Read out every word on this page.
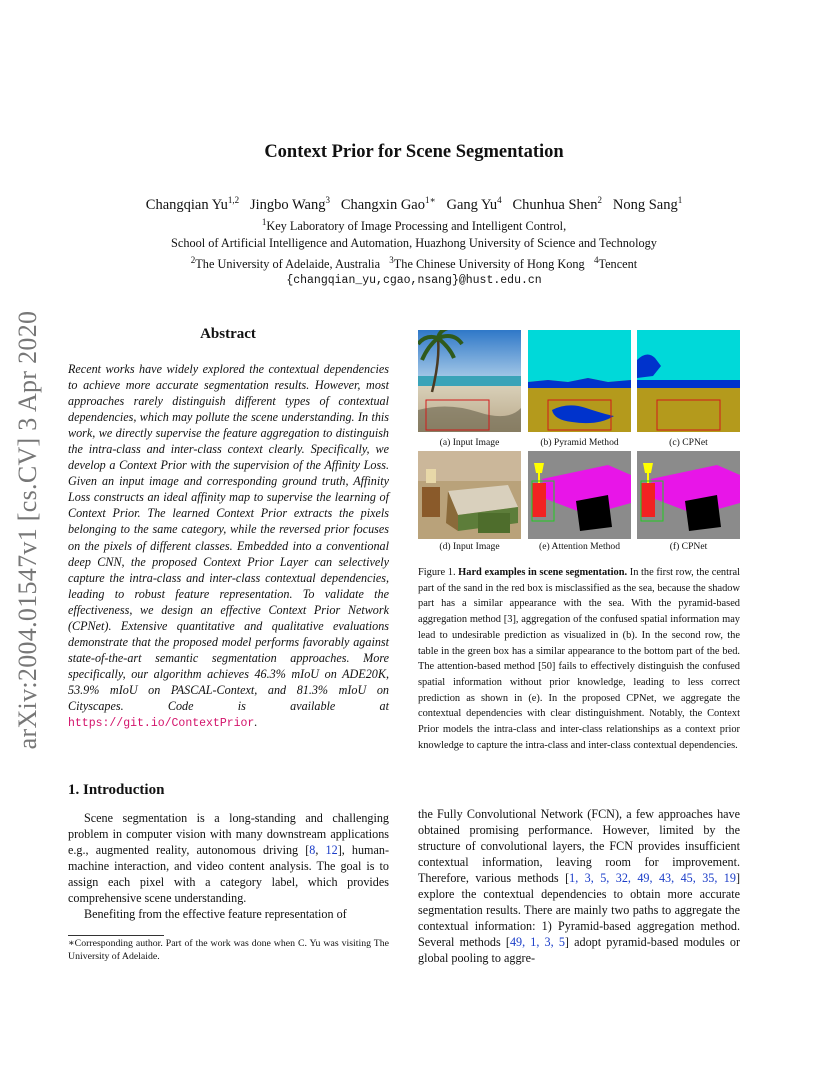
arXiv:2004.01547v1 [cs.CV] 3 Apr 2020
Context Prior for Scene Segmentation
Changqian Yu$^{1,2}$ Jingbo Wang$^3$ Changxin Gao$^{1∗}$ Gang Yu$^4$ Chunhua Shen$^2$ Nong Sang$^1$
$^1$Key Laboratory of Image Processing and Intelligent Control,
School of Artificial Intelligence and Automation, Huazhong University of Science and Technology
$^2$The University of Adelaide, Australia $^3$The Chinese University of Hong Kong $^4$Tencent
{changqian_yu,cgao,nsang}@hust.edu.cn
Abstract
Recent works have widely explored the contextual dependencies to achieve more accurate segmentation results. However, most approaches rarely distinguish different types of contextual dependencies, which may pollute the scene understanding. In this work, we directly supervise the feature aggregation to distinguish the intra-class and inter-class context clearly. Specifically, we develop a Context Prior with the supervision of the Affinity Loss. Given an input image and corresponding ground truth, Affinity Loss constructs an ideal affinity map to supervise the learning of Context Prior. The learned Context Prior extracts the pixels belonging to the same category, while the reversed prior focuses on the pixels of different classes. Embedded into a conventional deep CNN, the proposed Context Prior Layer can selectively capture the intra-class and inter-class contextual dependencies, leading to robust feature representation. To validate the effectiveness, we design an effective Context Prior Network (CPNet). Extensive quantitative and qualitative evaluations demonstrate that the proposed model performs favorably against state-of-the-art semantic segmentation approaches. More specifically, our algorithm achieves 46.3% mIoU on ADE20K, 53.9% mIoU on PASCAL-Context, and 81.3% mIoU on Cityscapes. Code is available at https://git.io/ContextPrior.
1. Introduction

Scene segmentation is a long-standing and challenging problem in computer vision with many downstream applications e.g., augmented reality, autonomous driving [8, 12], human-machine interaction, and video content analysis. The goal is to assign each pixel with a category label, which provides comprehensive scene understanding.

Benefiting from the effective feature representation of

∗Corresponding author. Part of the work was done when C. Yu was visiting The University of Adelaide.
(a) Input Image	(b) Pyramid Method	(c) CPNet
(d) Input Image	(e) Attention Method	(f) CPNet
Figure 1. Hard examples in scene segmentation. In the first row, the central part of the sand in the red box is misclassified as the sea, because the shadow part has a similar appearance with the sea. With the pyramid-based aggregation method [3], aggregation of the confused spatial information may lead to undesirable prediction as visualized in (b). In the second row, the table in the green box has a similar appearance to the bottom part of the bed. The attention-based method [50] fails to effectively distinguish the confused spatial information without prior knowledge, leading to less correct prediction as shown in (e). In the proposed CPNet, we aggregate the contextual dependencies with clear distinguishment. Notably, the Context Prior models the intra-class and inter-class relationships as a context prior knowledge to capture the intra-class and inter-class contextual dependencies.
the Fully Convolutional Network (FCN), a few approaches have obtained promising performance. However, limited by the structure of convolutional layers, the FCN provides insufficient contextual information, leaving room for improvement. Therefore, various methods [1, 3, 5, 32, 49, 43, 45, 35, 19] explore the contextual dependencies to obtain more accurate segmentation results. There are mainly two paths to aggregate the contextual information: 1) Pyramid-based aggregation method. Several methods [49, 1, 3, 5] adopt pyramid-based modules or global pooling to aggre-
